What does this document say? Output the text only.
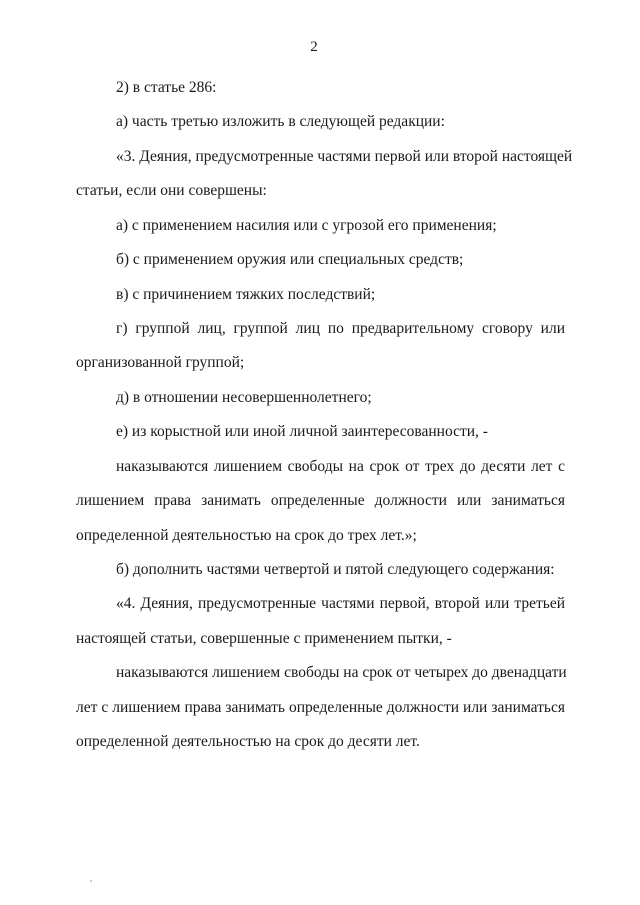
2
2) в статье 286:
а) часть третью изложить в следующей редакции:
«3. Деяния, предусмотренные частями первой или второй настоящей
статьи, если они совершены:
а) с применением насилия или с угрозой его применения;
б) с применением оружия или специальных средств;
в) с причинением тяжких последствий;
г) группой лиц, группой лиц по предварительному сговору или
организованной группой;
д) в отношении несовершеннолетнего;
е) из корыстной или иной личной заинтересованности, -
наказываются лишением свободы на срок от трех до десяти лет с
лишением права занимать определенные должности или заниматься
определенной деятельностью на срок до трех лет.»;
б) дополнить частями четвертой и пятой следующего содержания:
«4. Деяния, предусмотренные частями первой, второй или третьей
настоящей статьи, совершенные с применением пытки, -
наказываются лишением свободы на срок от четырех до двенадцати
лет с лишением права занимать определенные должности или заниматься
определенной деятельностью на срок до десяти лет.
